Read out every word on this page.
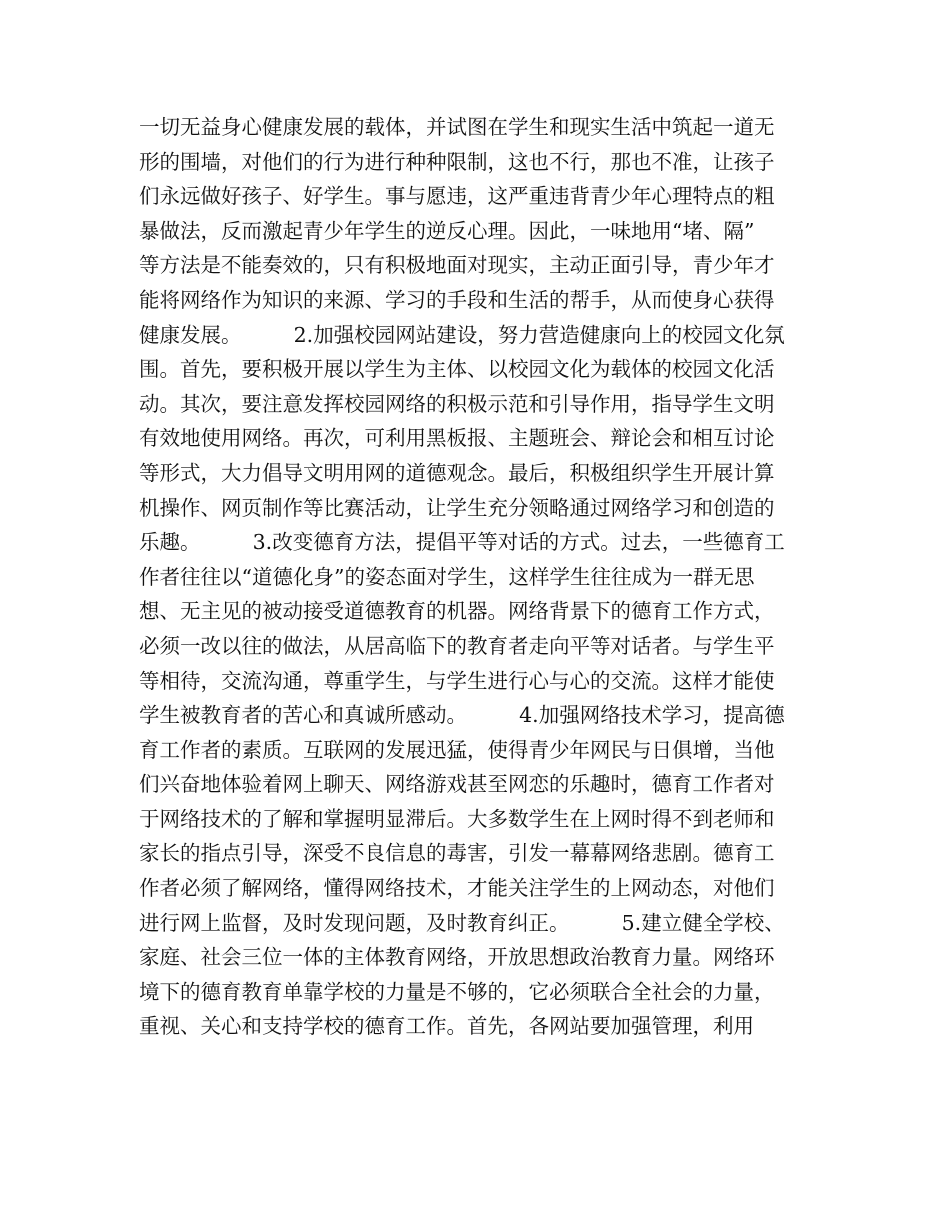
一切无益身心健康发展的载体，并试图在学生和现实生活中筑起一道无
形的围墙，对他们的行为进行种种限制，这也不行，那也不准，让孩子
们永远做好孩子、好学生。事与愿违，这严重违背青少年心理特点的粗
暴做法，反而激起青少年学生的逆反心理。因此，一味地用“堵、隔”
等方法是不能奏效的，只有积极地面对现实，主动正面引导，青少年才
能将网络作为知识的来源、学习的手段和生活的帮手，从而使身心获得
健康发展。        2.加强校园网站建设，努力营造健康向上的校园文化氛
围。首先，要积极开展以学生为主体、以校园文化为载体的校园文化活
动。其次，要注意发挥校园网络的积极示范和引导作用，指导学生文明
有效地使用网络。再次，可利用黑板报、主题班会、辩论会和相互讨论
等形式，大力倡导文明用网的道德观念。最后，积极组织学生开展计算
机操作、网页制作等比赛活动，让学生充分领略通过网络学习和创造的
乐趣。        3.改变德育方法，提倡平等对话的方式。过去，一些德育工
作者往往以“道德化身”的姿态面对学生，这样学生往往成为一群无思
想、无主见的被动接受道德教育的机器。网络背景下的德育工作方式，
必须一改以往的做法，从居高临下的教育者走向平等对话者。与学生平
等相待，交流沟通，尊重学生，与学生进行心与心的交流。这样才能使
学生被教育者的苦心和真诚所感动。        4.加强网络技术学习，提高德
育工作者的素质。互联网的发展迅猛，使得青少年网民与日俱增，当他
们兴奋地体验着网上聊天、网络游戏甚至网恋的乐趣时，德育工作者对
于网络技术的了解和掌握明显滞后。大多数学生在上网时得不到老师和
家长的指点引导，深受不良信息的毒害，引发一幕幕网络悲剧。德育工
作者必须了解网络，懂得网络技术，才能关注学生的上网动态，对他们
进行网上监督，及时发现问题，及时教育纠正。        5.建立健全学校、
家庭、社会三位一体的主体教育网络，开放思想政治教育力量。网络环
境下的德育教育单靠学校的力量是不够的，它必须联合全社会的力量，
重视、关心和支持学校的德育工作。首先，各网站要加强管理，利用
